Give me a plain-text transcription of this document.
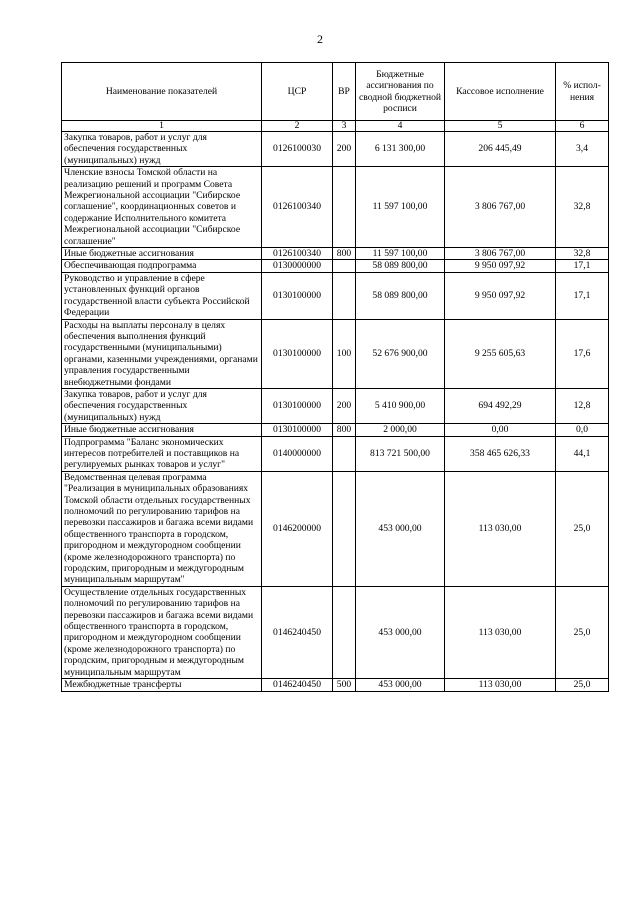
2
Наименование показателей	ЦСР	ВР	Бюджетные ассигнования по сводной бюджетной росписи	Кассовое исполнение	% испол-нения
1	2	3	4	5	6
Закупка товаров, работ и услуг для обеспечения государственных (муниципальных) нужд	0126100030	200	6 131 300,00	206 445,49	3,4
Членские взносы Томской области на реализацию решений и программ Совета Межрегиональной ассоциации "Сибирское соглашение", координационных советов и содержание Исполнительного комитета Межрегиональной ассоциации "Сибирское соглашение"	0126100340		11 597 100,00	3 806 767,00	32,8
Иные бюджетные ассигнования	0126100340	800	11 597 100,00	3 806 767,00	32,8
Обеспечивающая подпрограмма	0130000000		58 089 800,00	9 950 097,92	17,1
Руководство и управление в сфере установленных функций органов государственной власти субъекта Российской Федерации	0130100000		58 089 800,00	9 950 097,92	17,1
Расходы на выплаты персоналу в целях обеспечения выполнения функций государственными (муниципальными) органами, казенными учреждениями, органами управления государственными внебюджетными фондами	0130100000	100	52 676 900,00	9 255 605,63	17,6
Закупка товаров, работ и услуг для обеспечения государственных (муниципальных) нужд	0130100000	200	5 410 900,00	694 492,29	12,8
Иные бюджетные ассигнования	0130100000	800	2 000,00	0,00	0,0
Подпрограмма "Баланс экономических интересов потребителей и поставщиков на регулируемых рынках товаров и услуг"	0140000000		813 721 500,00	358 465 626,33	44,1
Ведомственная целевая программа "Реализация в муниципальных образованиях Томской области отдельных государственных полномочий по регулированию тарифов на перевозки пассажиров и багажа всеми видами общественного транспорта в городском, пригородном и междугородном сообщении (кроме железнодорожного транспорта) по городским, пригородным и междугородным муниципальным маршрутам"	0146200000		453 000,00	113 030,00	25,0
Осуществление отдельных государственных полномочий по регулированию тарифов на перевозки пассажиров и багажа всеми видами общественного транспорта в городском, пригородном и междугородном сообщении (кроме железнодорожного транспорта) по городским, пригородным и междугородным муниципальным маршрутам	0146240450		453 000,00	113 030,00	25,0
Межбюджетные трансферты	0146240450	500	453 000,00	113 030,00	25,0
